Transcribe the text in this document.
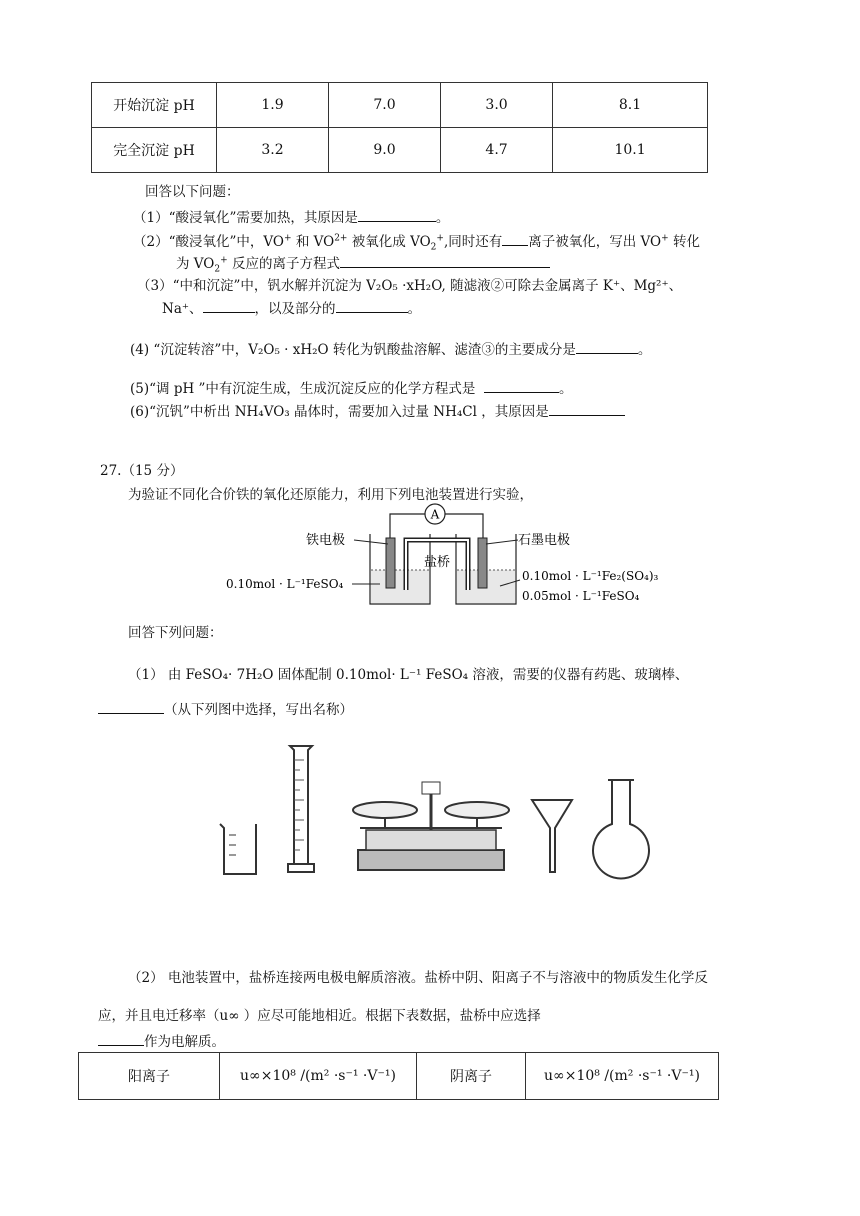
开始沉淀 pH	1.9	7.0	3.0	8.1
完全沉淀 pH	3.2	9.0	4.7	10.1
回答以下问题：
（1）“酸浸氧化”需要加热，其原因是	。
（2）“酸浸氧化”中，VO+ 和 $VO^{2+}$ 被氧化成 $VO_2^+$,同时还有 离子被氧化，写出 VO+ 转化
为 $VO_2^+$ 反应的离子方程式
（3）“中和沉淀”中，钒水解并沉淀为 V₂O₅ ·xH₂O, 随滤液②可除去金属离子 K⁺、Mg²⁺、
Na⁺、	，以及部分的	。
(4) “沉淀转溶”中，V₂O₅ · xH₂O 转化为钒酸盐溶解、滤渣③的主要成分是	。
(5)“调 pH ”中有沉淀生成，生成沉淀反应的化学方程式是	。
(6)“沉钒”中析出 NH₄VO₃ 晶体时，需要加入过量 NH₄Cl ，其原因是
27.（15 分）
为验证不同化合价铁的氧化还原能力，利用下列电池装置进行实验，
A
盐桥
铁电极	石墨电极
0.10mol · L⁻¹FeSO₄
0.10mol · L⁻¹Fe₂(SO₄)₃
0.05mol · L⁻¹FeSO₄
回答下列问题：
（1） 由 FeSO₄· 7H₂O 固体配制 0.10mol· L⁻¹ FeSO₄ 溶液，需要的仪器有药匙、玻璃棒、
（从下列图中选择，写出名称）
（2） 电池装置中，盐桥连接两电极电解质溶液。盐桥中阴、阳离子不与溶液中的物质发生化学反
应，并且电迁移率（u∞ ）应尽可能地相近。根据下表数据，盐桥中应选择
作为电解质。
阳离子	u∞×10⁸ /(m² ·s⁻¹ ·V⁻¹)	阴离子	u∞×10⁸ /(m² ·s⁻¹ ·V⁻¹)
